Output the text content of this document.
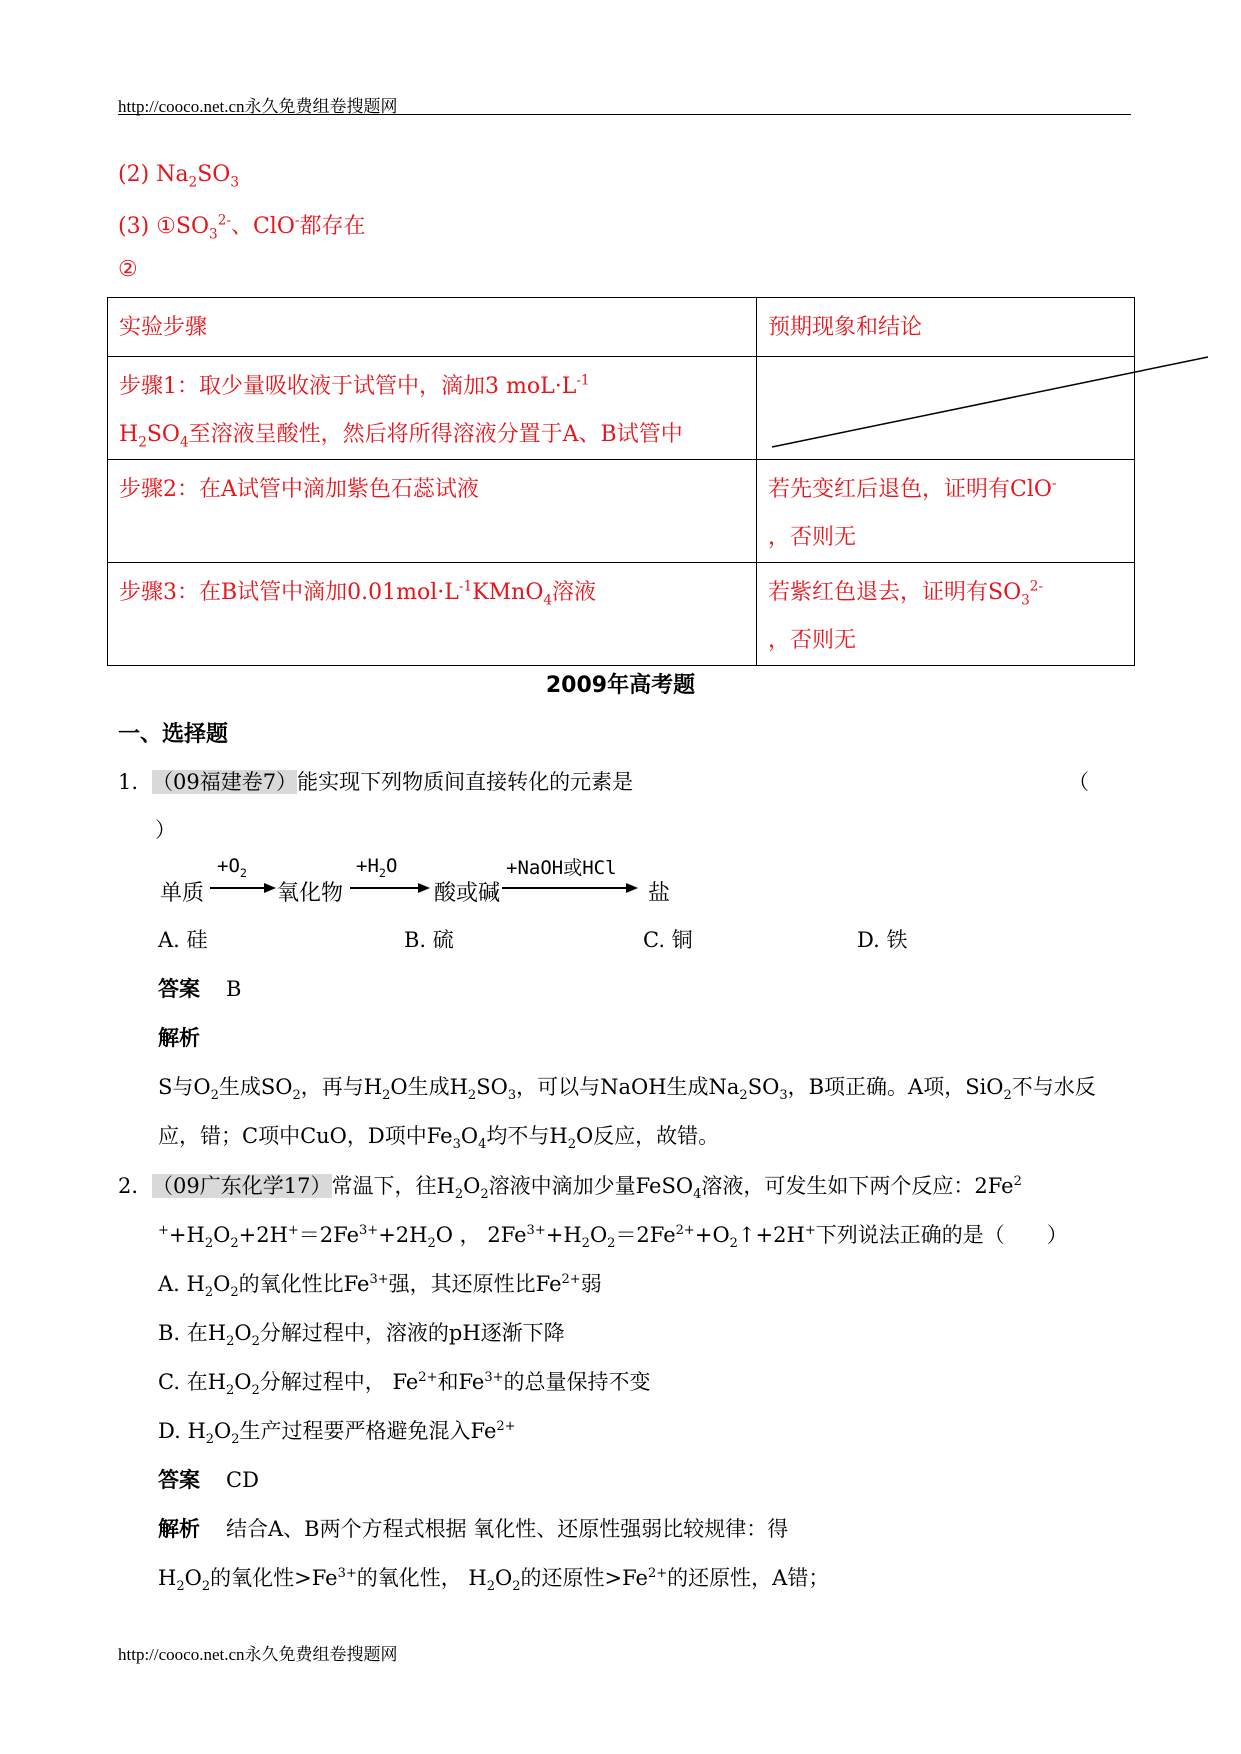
http://cooco.net.cn永久免费组卷搜题网
(2) $Na_2SO_3$
(3) $①SO_3^{2-}$、ClO-都存在
②
实验步骤	预期现象和结论
步骤1：取少量吸收液于试管中，滴加3 $moL\cdot L^{-1}$
$H_2SO_4$至溶液呈酸性，然后将所得溶液分置于A、B试管中	
步骤2：在A试管中滴加紫色石蕊试液	若先变红后退色，证明有ClO-
，否则无
步骤3：在B试管中滴加$0.01mol\cdot L^{-1}KMnO_4$溶液	若紫红色退去，证明有$SO_3^{2-}$
，否则无
2009年高考题
一、选择题
1. （09福建卷7）能实现下列物质间直接转化的元素是	（
）
单质
$+O_2$
氧化物
$+H_2O$
酸或碱
+NaOH或HCl
盐
A. 硅	B. 硫	C. 铜	D. 铁
答案 B
解析
S与$O_2$生成$SO_2$，再与$H_2O$生成$H_2SO_3$，可以与NaOH生成$Na_2SO_3$，B项正确。A项，SiO$_2$不与水反
应，错；C项中CuO，D项中$Fe_3O_4$均不与$H_2O$反应，故错。
2. （09广东化学17）常温下，往$H_2O_2$溶液中滴加少量FeSO$_4$溶液，可发生如下两个反应：2Fe$^2$
$^++H_2O_2+2H^+=2Fe^{3+}+2H_2O$ ， $2Fe^{3+}+H_2O_2=2Fe^{2+}+O_2↑+2H^+$下列说法正确的是（　　）
A. $H_2O_2$的氧化性比$Fe^{3+}$强，其还原性比$Fe^{2+}$弱
B. 在$H_2O_2$分解过程中，溶液的pH逐渐下降
C. 在$H_2O_2$分解过程中， $Fe^{2+}$和$Fe^{3+}$的总量保持不变
D. $H_2O_2$生产过程要严格避免混入$Fe^{2+}$
答案 CD
解析 结合A、B两个方程式根据 氧化性、还原性强弱比较规律：得
$H_2O_2$的氧化性$>Fe^{3+}$的氧化性， $H_2O_2$的还原性$>Fe^{2+}$的还原性，A错；
http://cooco.net.cn永久免费组卷搜题网
